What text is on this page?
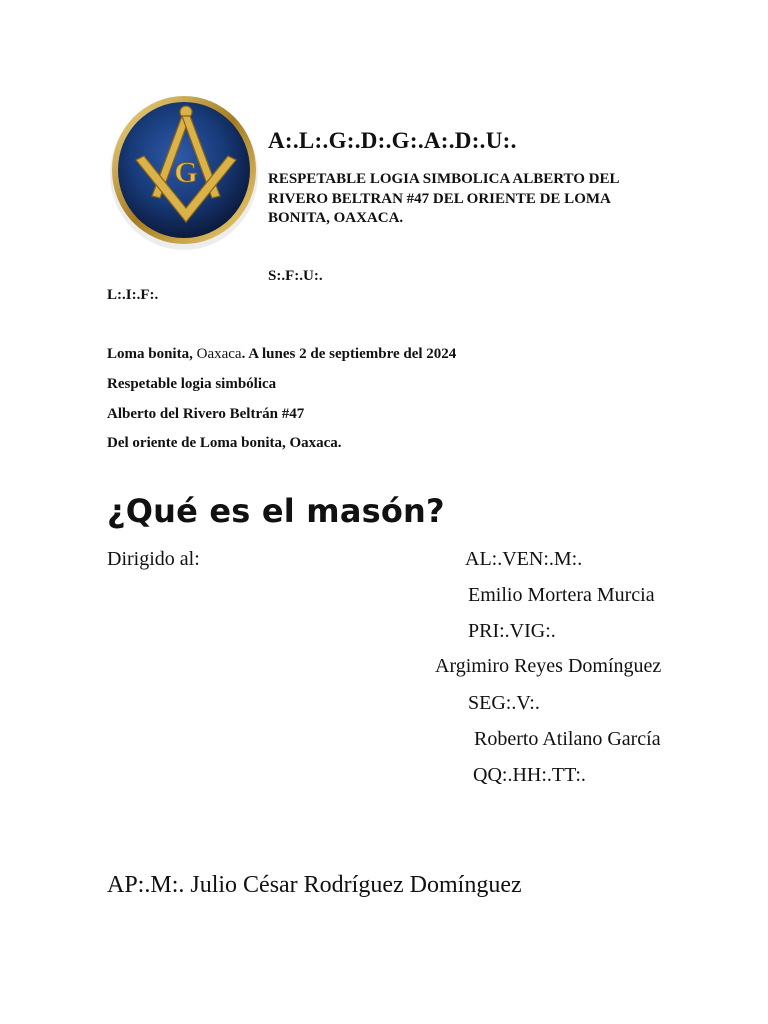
G
A:.L:.G:.D:.G:.A:.D:.U:.
RESPETABLE LOGIA SIMBOLICA ALBERTO DEL RIVERO BELTRAN #47 DEL ORIENTE DE LOMA BONITA, OAXACA.
S:.F:.U:.
L:.I:.F:.
Loma bonita, Oaxaca. A lunes 2 de septiembre del 2024
Respetable logia simbólica
Alberto del Rivero Beltrán #47
Del oriente de Loma bonita, Oaxaca.
¿Qué es el masón?
Dirigido al:	AL:.VEN:.M:.
Emilio Mortera Murcia
PRI:.VIG:.
Argimiro Reyes Domínguez
SEG:.V:.
Roberto Atilano García
QQ:.HH:.TT:.
AP:.M:. Julio César Rodríguez Domínguez
